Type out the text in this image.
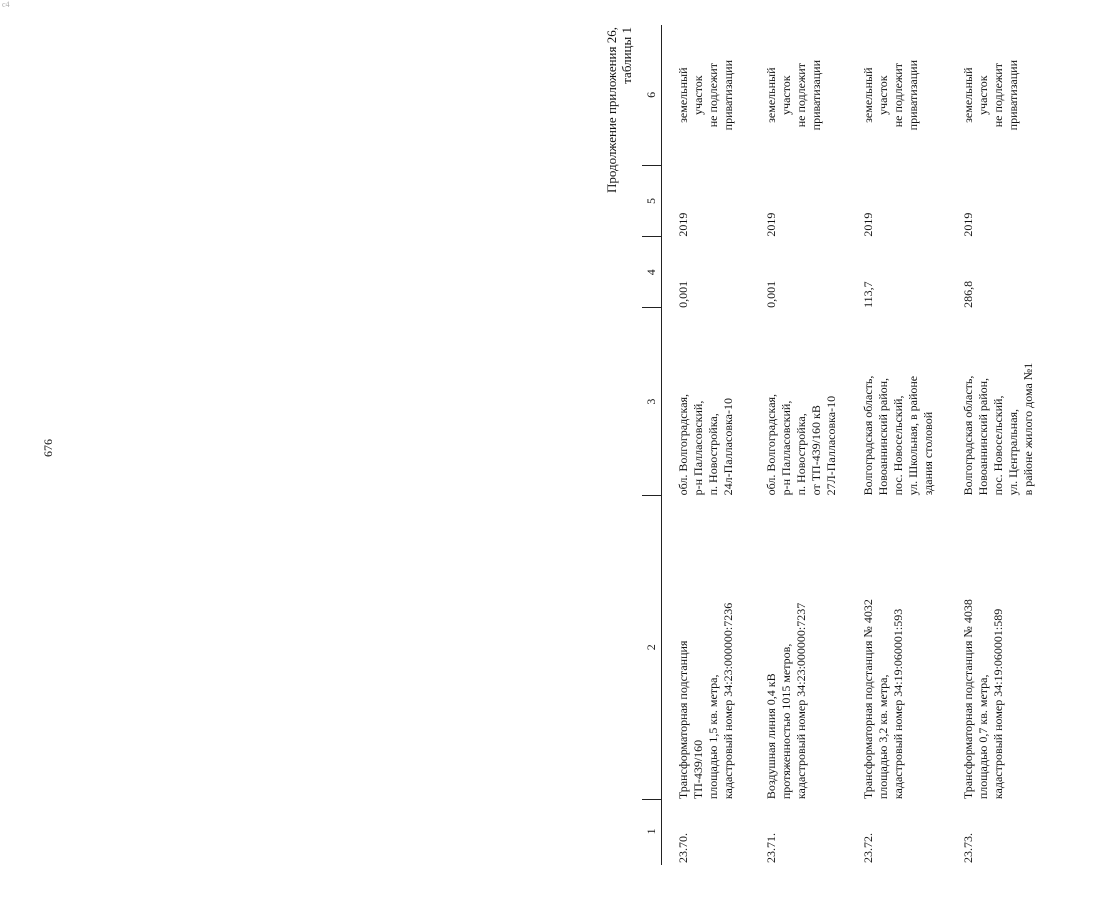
c4
676
Продолжение приложения 26,
таблицы 1
1	2	3	4	5	6
23.70.	Трансформаторная подстанция
ТП-439/160
площадью 1,5 кв. метра,
кадастровый номер 34:23:000000:7236	обл. Волгоградская,
р-н Палласовский,
п. Новостройка,
24л-Палласовка-10	0,001	2019	земельный
участок
не подлежит
приватизации
23.71.	Воздушная линия 0,4 кВ
протяженностью 1015 метров,
кадастровый номер 34:23:000000:7237	обл. Волгоградская,
р-н Палласовский,
п. Новостройка,
от ТП-439/160 кВ
27Л-Палласовка-10	0,001	2019	земельный
участок
не подлежит
приватизации
23.72.	Трансформаторная подстанция № 4032
площадью 3,2 кв. метра,
кадастровый номер 34:19:060001:593	Волгоградская область,
Новоаннинский район,
пос. Новосельский,
ул. Школьная, в районе
здания столовой	113,7	2019	земельный
участок
не подлежит
приватизации
23.73.	Трансформаторная подстанция № 4038
площадью 0,7 кв. метра,
кадастровый номер 34:19:060001:589	Волгоградская область,
Новоаннинский район,
пос. Новосельский,
ул. Центральная,
в районе жилого дома №1	286,8	2019	земельный
участок
не подлежит
приватизации
